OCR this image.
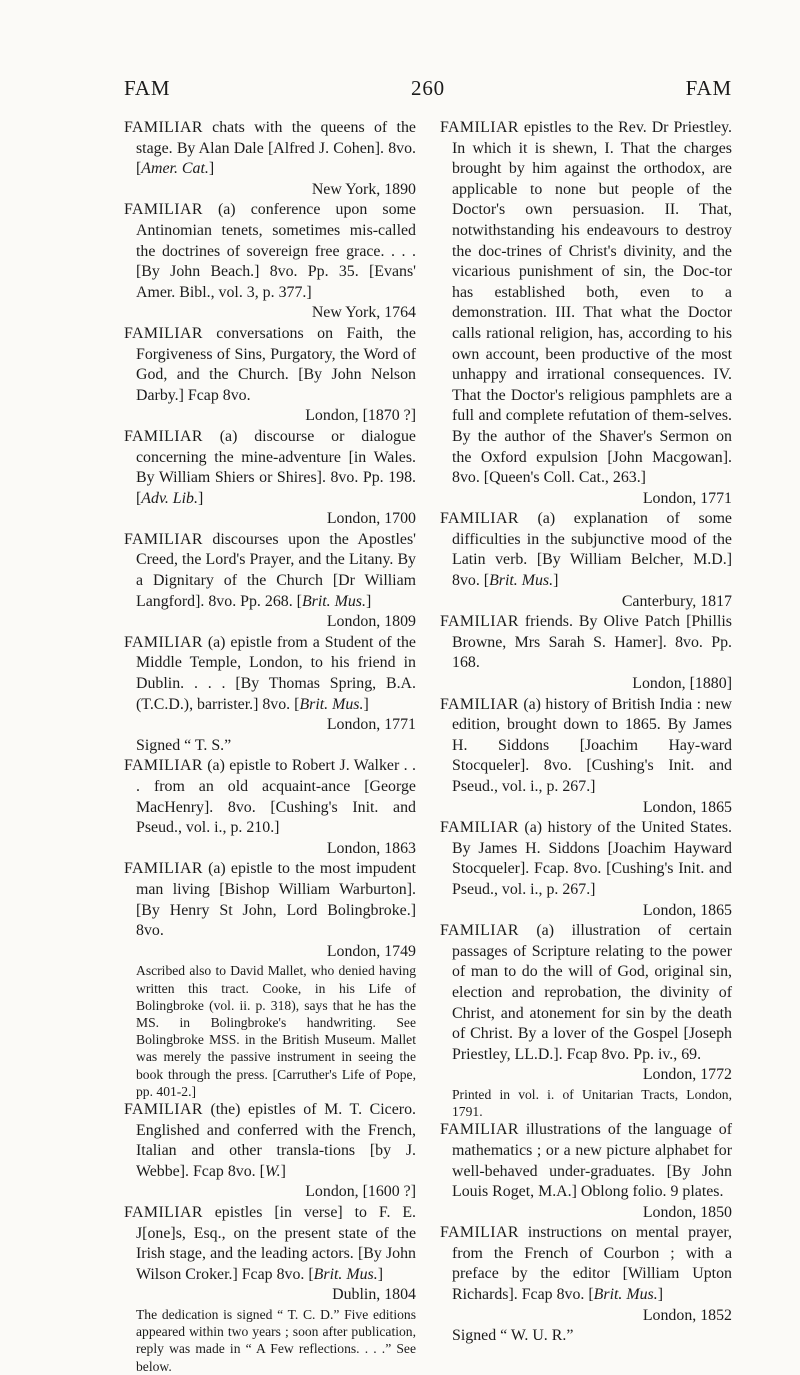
FAM	260	FAM

FAMILIAR chats with the queens of the stage. By Alan Dale [Alfred J. Cohen]. 8vo. [Amer. Cat.]

New York, 1890

FAMILIAR (a) conference upon some Antinomian tenets, sometimes mis-called the doctrines of sovereign free grace. . . . [By John Beach.] 8vo. Pp. 35. [Evans' Amer. Bibl., vol. 3, p. 377.]

New York, 1764

FAMILIAR conversations on Faith, the Forgiveness of Sins, Purgatory, the Word of God, and the Church. [By John Nelson Darby.] Fcap 8vo.

London, [1870 ?]

FAMILIAR (a) discourse or dialogue concerning the mine-adventure [in Wales. By William Shiers or Shires]. 8vo. Pp. 198. [Adv. Lib.]

London, 1700

FAMILIAR discourses upon the Apostles' Creed, the Lord's Prayer, and the Litany. By a Dignitary of the Church [Dr William Langford]. 8vo. Pp. 268. [Brit. Mus.]

London, 1809

FAMILIAR (a) epistle from a Student of the Middle Temple, London, to his friend in Dublin. . . . [By Thomas Spring, B.A. (T.C.D.), barrister.] 8vo. [Brit. Mus.]

London, 1771

Signed “ T. S.”

FAMILIAR (a) epistle to Robert J. Walker . . . from an old acquaint-ance [George MacHenry]. 8vo. [Cushing's Init. and Pseud., vol. i., p. 210.]

London, 1863

FAMILIAR (a) epistle to the most impudent man living [Bishop William Warburton]. [By Henry St John, Lord Bolingbroke.] 8vo.

London, 1749

Ascribed also to David Mallet, who denied having written this tract. Cooke, in his Life of Bolingbroke (vol. ii. p. 318), says that he has the MS. in Bolingbroke's handwriting. See Bolingbroke MSS. in the British Museum. Mallet was merely the passive instrument in seeing the book through the press. [Carruther's Life of Pope, pp. 401-2.]

FAMILIAR (the) epistles of M. T. Cicero. Englished and conferred with the French, Italian and other transla-tions [by J. Webbe]. Fcap 8vo. [W.]

London, [1600 ?]

FAMILIAR epistles [in verse] to F. E. J[one]s, Esq., on the present state of the Irish stage, and the leading actors. [By John Wilson Croker.] Fcap 8vo. [Brit. Mus.]

Dublin, 1804

The dedication is signed “ T. C. D.” Five editions appeared within two years ; soon after publication, reply was made in “ A Few reflections. . . .” See below.

FAMILIAR epistles to the Rev. Dr Priestley. In which it is shewn, I. That the charges brought by him against the orthodox, are applicable to none but people of the Doctor's own persuasion. II. That, notwithstanding his endeavours to destroy the doc-trines of Christ's divinity, and the vicarious punishment of sin, the Doc-tor has established both, even to a demonstration. III. That what the Doctor calls rational religion, has, according to his own account, been productive of the most unhappy and irrational consequences. IV. That the Doctor's religious pamphlets are a full and complete refutation of them-selves. By the author of the Shaver's Sermon on the Oxford expulsion [John Macgowan]. 8vo. [Queen's Coll. Cat., 263.]

London, 1771

FAMILIAR (a) explanation of some difficulties in the subjunctive mood of the Latin verb. [By William Belcher, M.D.] 8vo. [Brit. Mus.]

Canterbury, 1817

FAMILIAR friends. By Olive Patch [Phillis Browne, Mrs Sarah S. Hamer]. 8vo. Pp. 168.

London, [1880]

FAMILIAR (a) history of British India : new edition, brought down to 1865. By James H. Siddons [Joachim Hay-ward Stocqueler]. 8vo. [Cushing's Init. and Pseud., vol. i., p. 267.]

London, 1865

FAMILIAR (a) history of the United States. By James H. Siddons [Joachim Hayward Stocqueler]. Fcap. 8vo. [Cushing's Init. and Pseud., vol. i., p. 267.]

London, 1865

FAMILIAR (a) illustration of certain passages of Scripture relating to the power of man to do the will of God, original sin, election and reprobation, the divinity of Christ, and atonement for sin by the death of Christ. By a lover of the Gospel [Joseph Priestley, LL.D.]. Fcap 8vo. Pp. iv., 69.

London, 1772

Printed in vol. i. of Unitarian Tracts, London, 1791.

FAMILIAR illustrations of the language of mathematics ; or a new picture alphabet for well-behaved under-graduates. [By John Louis Roget, M.A.] Oblong folio. 9 plates.

London, 1850

FAMILIAR instructions on mental prayer, from the French of Courbon ; with a preface by the editor [William Upton Richards]. Fcap 8vo. [Brit. Mus.]

London, 1852

Signed “ W. U. R.”
